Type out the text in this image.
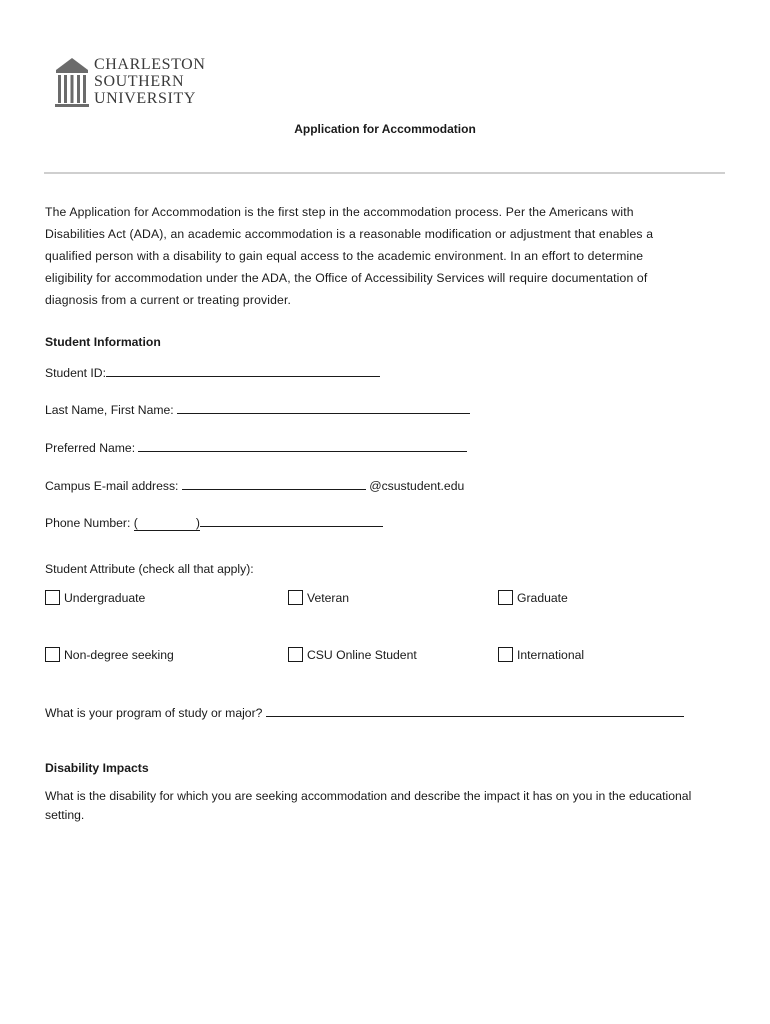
CHARLESTON
SOUTHERN
UNIVERSITY
Application for Accommodation
The Application for Accommodation is the first step in the accommodation process. Per the Americans with
Disabilities Act (ADA), an academic accommodation is a reasonable modification or adjustment that enables a
qualified person with a disability to gain equal access to the academic environment. In an effort to determine
eligibility for accommodation under the ADA, the Office of Accessibility Services will require documentation of
diagnosis from a current or treating provider.
Student Information
Student ID:
Last Name, First Name:
Preferred Name:
Campus E-mail address:	@csustudent.edu
Phone Number: (	)
Student Attribute (check all that apply):
Undergraduate	Veteran	Graduate
Non-degree seeking	CSU Online Student	International
What is your program of study or major?
Disability Impacts
What is the disability for which you are seeking accommodation and describe the impact it has on you in the educational setting.
